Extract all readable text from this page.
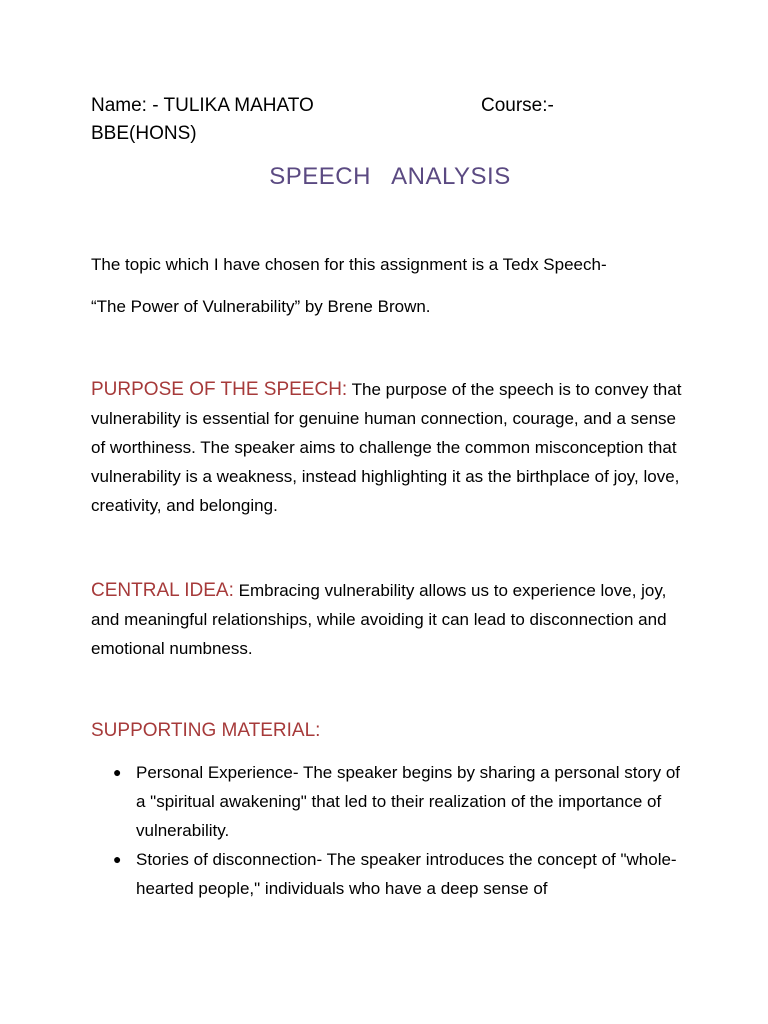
Name: - TULIKA MAHATO	Course:-
BBE(HONS)
SPEECH   ANALYSIS
The topic which I have chosen for this assignment is a Tedx Speech-
“The Power of Vulnerability” by Brene Brown.
PURPOSE OF THE SPEECH: The purpose of the speech is to convey that vulnerability is essential for genuine human connection, courage, and a sense of worthiness. The speaker aims to challenge the common misconception that vulnerability is a weakness, instead highlighting it as the birthplace of joy, love, creativity, and belonging.
CENTRAL IDEA: Embracing vulnerability allows us to experience love, joy, and meaningful relationships, while avoiding it can lead to disconnection and emotional numbness.
SUPPORTING MATERIAL:
● Personal Experience- The speaker begins by sharing a personal story of a "spiritual awakening" that led to their realization of the importance of vulnerability.
● Stories of disconnection- The speaker introduces the concept of "whole-hearted people," individuals who have a deep sense of
